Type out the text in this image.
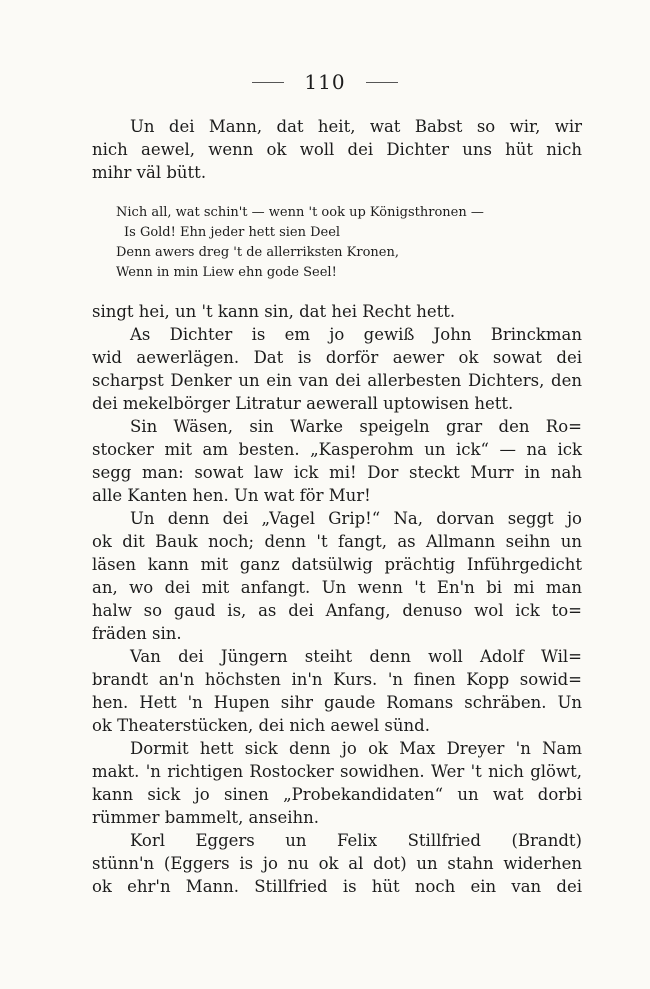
110
Un dei Mann, dat heit, wat Babst so wir, wir
nich aewel, wenn ok woll dei Dichter uns hüt nich
mihr väl bütt.
Nich all, wat schin't — wenn 't ook up Königsthronen —
Is Gold! Ehn jeder hett sien Deel
Denn awers dreg 't de allerriksten Kronen,
Wenn in min Liew ehn gode Seel!
singt hei, un 't kann sin, dat hei Recht hett.
As Dichter is em jo gewiß John Brinckman
wid aewerlägen. Dat is dorför aewer ok sowat dei
scharpst Denker un ein van dei allerbesten Dichters, den
dei mekelbörger Litratur aewerall uptowisen hett.
Sin Wäsen, sin Warke speigeln grar den Ro=
stocker mit am besten. „Kasperohm un ick“ — na ick
segg man: sowat law ick mi! Dor steckt Murr in nah
alle Kanten hen. Un wat för Mur!
Un denn dei „Vagel Grip!“ Na, dorvan seggt jo
ok dit Bauk noch; denn 't fangt, as Allmann seihn un
läsen kann mit ganz datsülwig prächtig Inführgedicht
an, wo dei mit anfangt. Un wenn 't En'n bi mi man
halw so gaud is, as dei Anfang, denuso wol ick to=
fräden sin.
Van dei Jüngern steiht denn woll Adolf Wil=
brandt an'n höchsten in'n Kurs. 'n finen Kopp sowid=
hen. Hett 'n Hupen sihr gaude Romans schräben. Un
ok Theaterstücken, dei nich aewel sünd.
Dormit hett sick denn jo ok Max Dreyer 'n Nam
makt. 'n richtigen Rostocker sowidhen. Wer 't nich glöwt,
kann sick jo sinen „Probekandidaten“ un wat dorbi
rümmer bammelt, anseihn.
Korl Eggers un Felix Stillfried (Brandt)
stünn'n (Eggers is jo nu ok al dot) un stahn widerhen
ok ehr'n Mann. Stillfried is hüt noch ein van dei
